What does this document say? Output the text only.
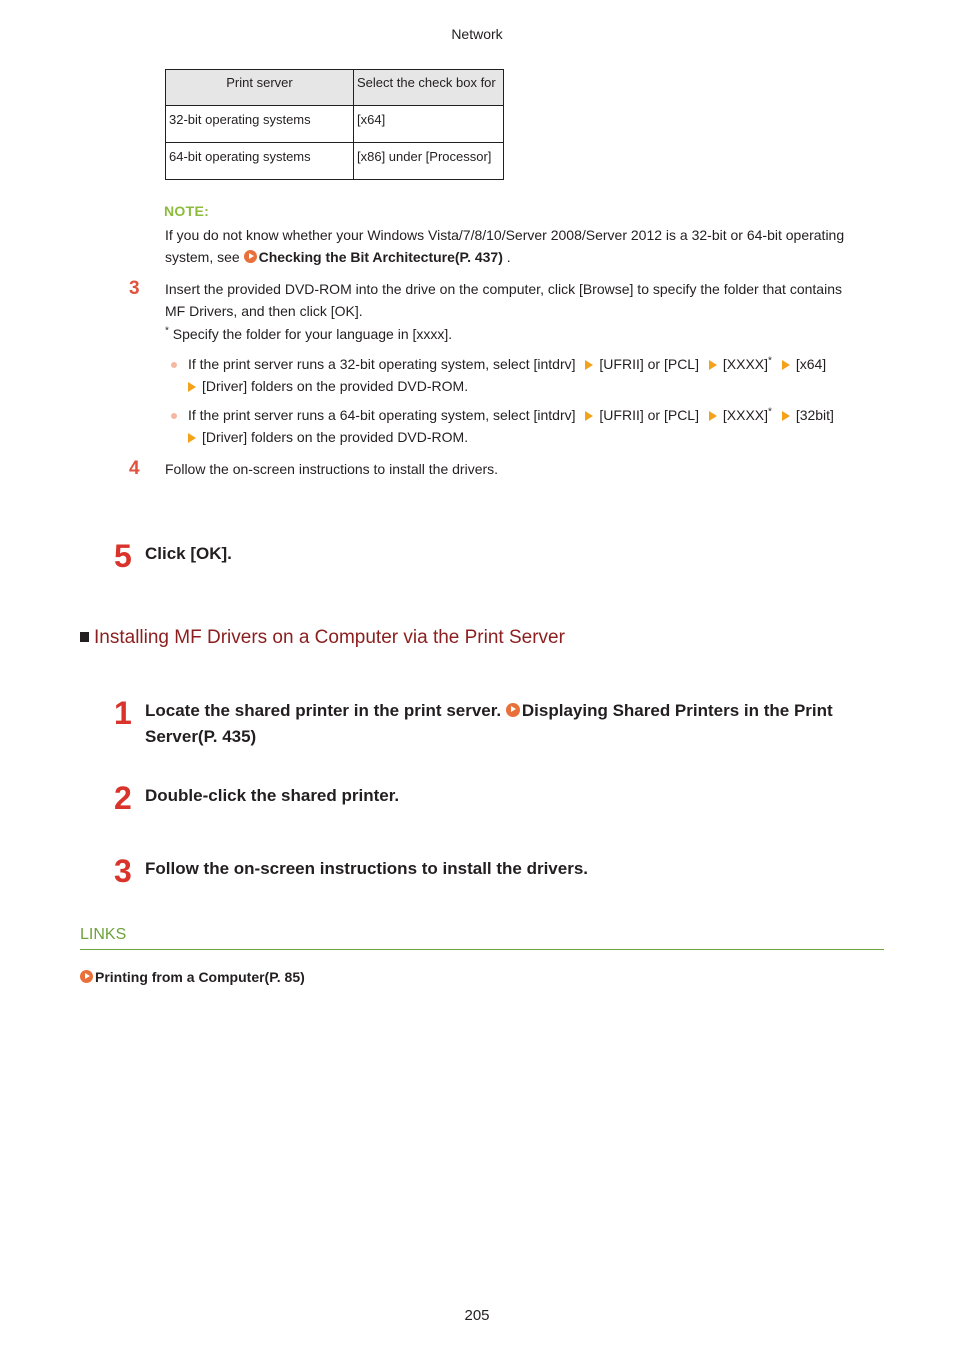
Network
Print server	Select the check box for
32-bit operating systems	[x64]
64-bit operating systems	[x86] under [Processor]
NOTE:
If you do not know whether your Windows Vista/7/8/10/Server 2008/Server 2012 is a 32-bit or 64-bit operating system, see Checking the Bit Architecture(P. 437) .
3 Insert the provided DVD-ROM into the drive on the computer, click [Browse] to specify the folder that contains MF Drivers, and then click [OK].
* Specify the folder for your language in [xxxx].
If the print server runs a 32-bit operating system, select [intdrv] [UFRII] or [PCL] [XXXX]* [x64]
[Driver] folders on the provided DVD-ROM.
If the print server runs a 64-bit operating system, select [intdrv] [UFRII] or [PCL] [XXXX]* [32bit]
[Driver] folders on the provided DVD-ROM.
4 Follow the on-screen instructions to install the drivers.
5 Click [OK].
Installing MF Drivers on a Computer via the Print Server
1 Locate the shared printer in the print server. Displaying Shared Printers in the Print Server(P. 435)
2 Double-click the shared printer.
3 Follow the on-screen instructions to install the drivers.
LINKS
Printing from a Computer(P. 85)
205
